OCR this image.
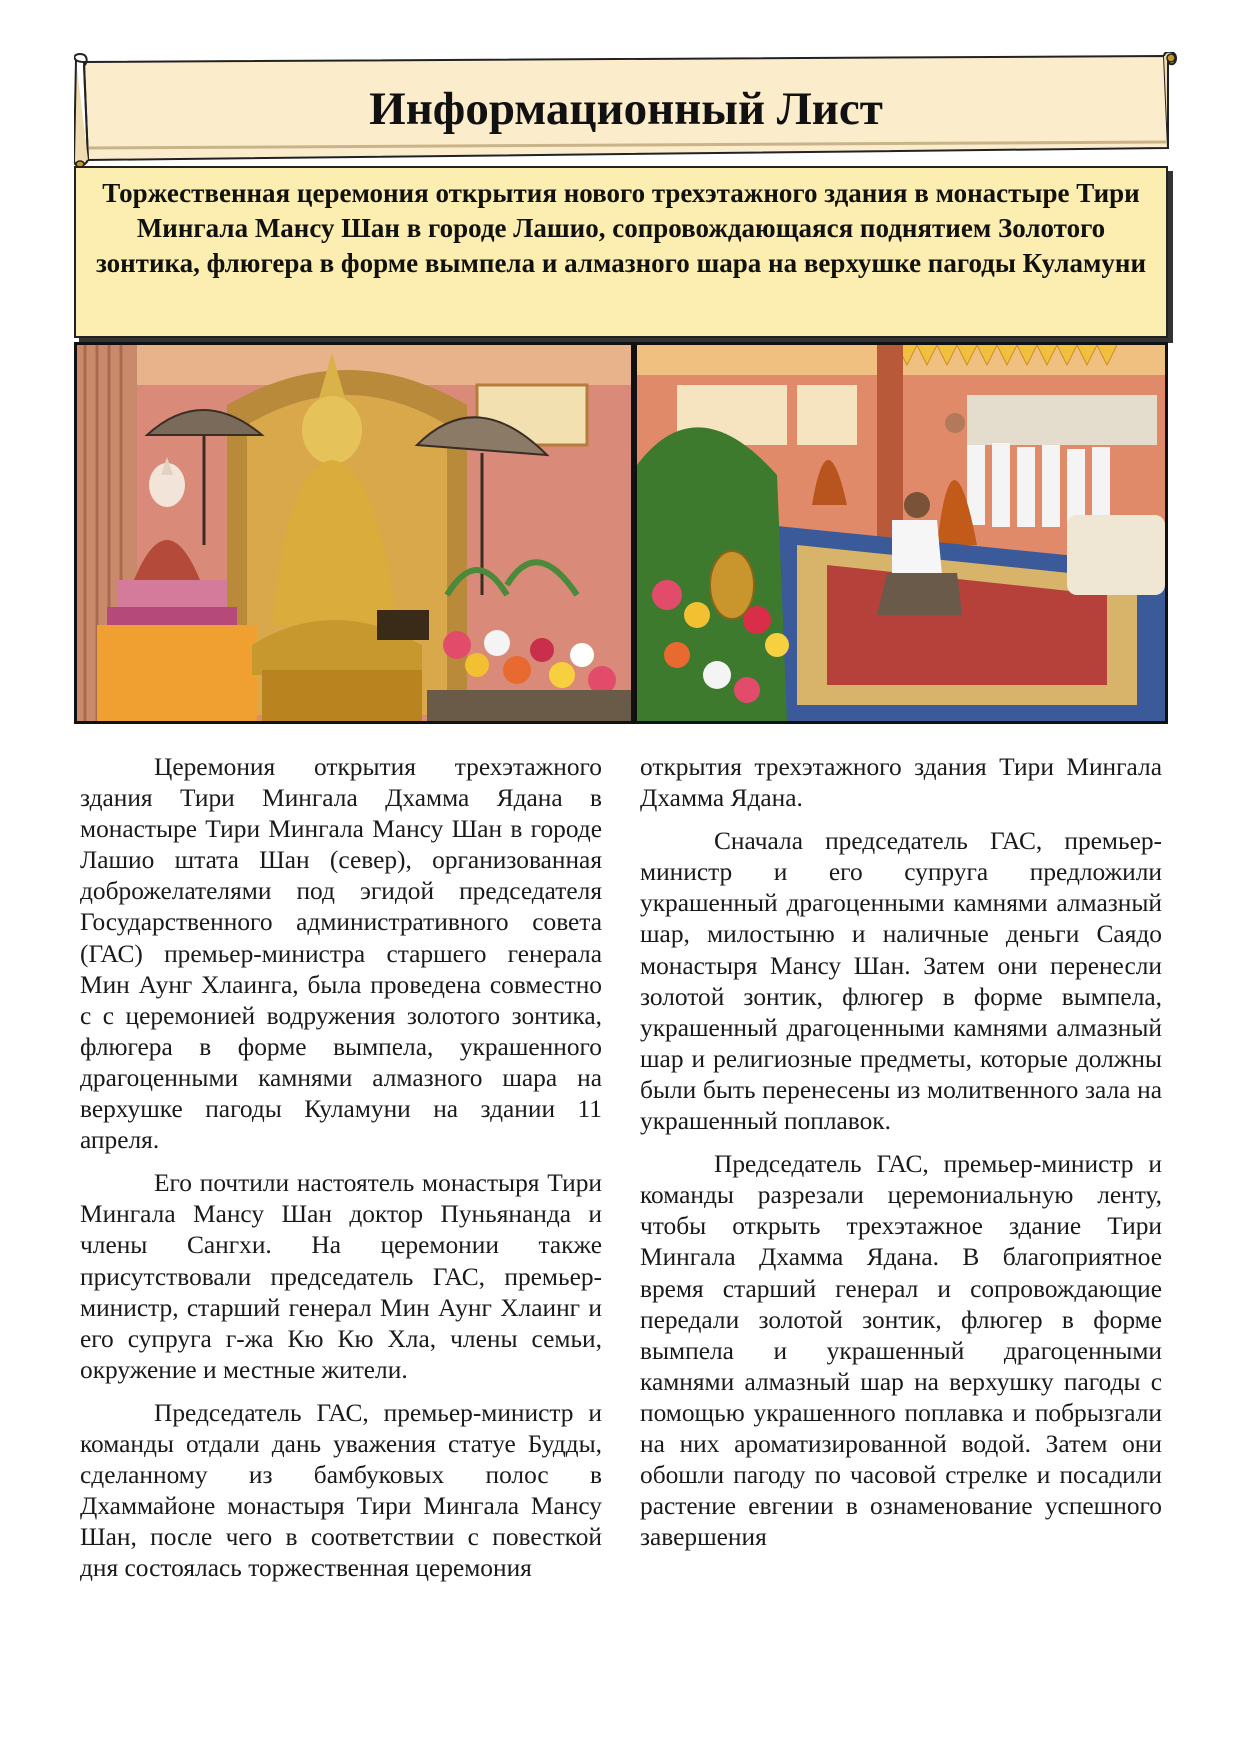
Информационный Лист
Торжественная церемония открытия нового трехэтажного здания в монастыре Тири Мингала Мансу Шан в городе Лашио, сопровождающаяся поднятием Золотого зонтика, флюгера в форме вымпела и алмазного шара на верхушке пагоды Куламуни

Церемония открытия трехэтажного здания Тири Мингала Дхамма Ядана в монастыре Тири Мингала Мансу Шан в городе Лашио штата Шан (север), организованная доброжелателями под эгидой председателя Государственного административного совета (ГАС) премьер-министра старшего генерала Мин Аунг Хлаинга, была проведена совместно с с церемонией водружения золотого зонтика, флюгера в форме вымпела, украшенного драгоценными камнями алмазного шара на верхушке пагоды Куламуни на здании 11 апреля.

Его почтили настоятель монастыря Тири Мингала Мансу Шан доктор Пуньянанда и члены Сангхи. На церемонии также присутствовали председатель ГАС, премьер-министр, старший генерал Мин Аунг Хлаинг и его супруга г-жа Кю Кю Хла, члены семьи, окружение и местные жители.

Председатель ГАС, премьер-министр и команды отдали дань уважения статуе Будды, сделанному из бамбуковых полос в Дхаммайоне монастыря Тири Мингала Мансу Шан, после чего в соответствии с повесткой дня состоялась торжественная церемония

открытия трехэтажного здания Тири Мингала Дхамма Ядана.

Сначала председатель ГАС, премьер-министр и его супруга предложили украшенный драгоценными камнями алмазный шар, милостыню и наличные деньги Саядо монастыря Мансу Шан. Затем они перенесли золотой зонтик, флюгер в форме вымпела, украшенный драгоценными камнями алмазный шар и религиозные предметы, которые должны были быть перенесены из молитвенного зала на украшенный поплавок.

Председатель ГАС, премьер-министр и команды разрезали церемониальную ленту, чтобы открыть трехэтажное здание Тири Мингала Дхамма Ядана. В благоприятное время старший генерал и сопровождающие передали золотой зонтик, флюгер в форме вымпела и украшенный драгоценными камнями алмазный шар на верхушку пагоды с помощью украшенного поплавка и побрызгали на них ароматизированной водой. Затем они обошли пагоду по часовой стрелке и посадили растение евгении в ознаменование успешного завершения
